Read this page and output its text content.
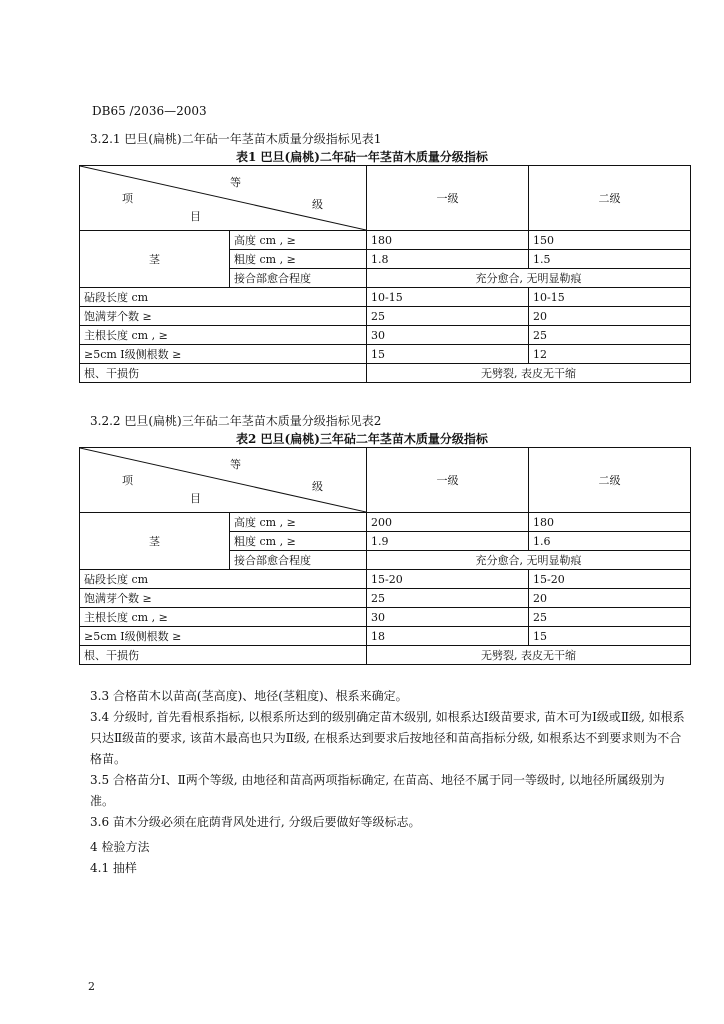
DB65 /2036—2003
3.2.1 巴旦(扁桃)二年砧一年茎苗木质量分级指标见表1
表1 巴旦(扁桃)二年砧一年茎苗木质量分级指标
等
项 级
目		一级	二级
茎	高度 cm , ≥	180	150
	粗度 cm , ≥	1.8	1.5
	接合部愈合程度	充分愈合, 无明显勒痕	
砧段长度 cm		10-15	10-15
饱满芽个数 ≥		25	20
主根长度 cm , ≥		30	25
≥5cm Ⅰ级侧根数 ≥		15	12
根、干损伤		无劈裂, 表皮无干缩	
3.2.2 巴旦(扁桃)三年砧二年茎苗木质量分级指标见表2
表2 巴旦(扁桃)三年砧二年茎苗木质量分级指标
等
项 级
目		一级	二级
茎	高度 cm , ≥	200	180
	粗度 cm , ≥	1.9	1.6
	接合部愈合程度	充分愈合, 无明显勒痕	
砧段长度 cm		15-20	15-20
饱满芽个数 ≥		25	20
主根长度 cm , ≥		30	25
≥5cm Ⅰ级侧根数 ≥		18	15
根、干损伤		无劈裂, 表皮无干缩	
3.3 合格苗木以苗高(茎高度)、地径(茎粗度)、根系来确定。
3.4 分级时, 首先看根系指标, 以根系所达到的级别确定苗木级别, 如根系达Ⅰ级苗要求, 苗木可为Ⅰ级或Ⅱ级, 如根系只达Ⅱ级苗的要求, 该苗木最高也只为Ⅱ级, 在根系达到要求后按地径和苗高指标分级, 如根系达不到要求则为不合格苗。
3.5 合格苗分Ⅰ、Ⅱ两个等级, 由地径和苗高两项指标确定, 在苗高、地径不属于同一等级时, 以地径所属级别为准。
3.6 苗木分级必须在庇荫背风处进行, 分级后要做好等级标志。
4 检验方法
4.1 抽样
2
